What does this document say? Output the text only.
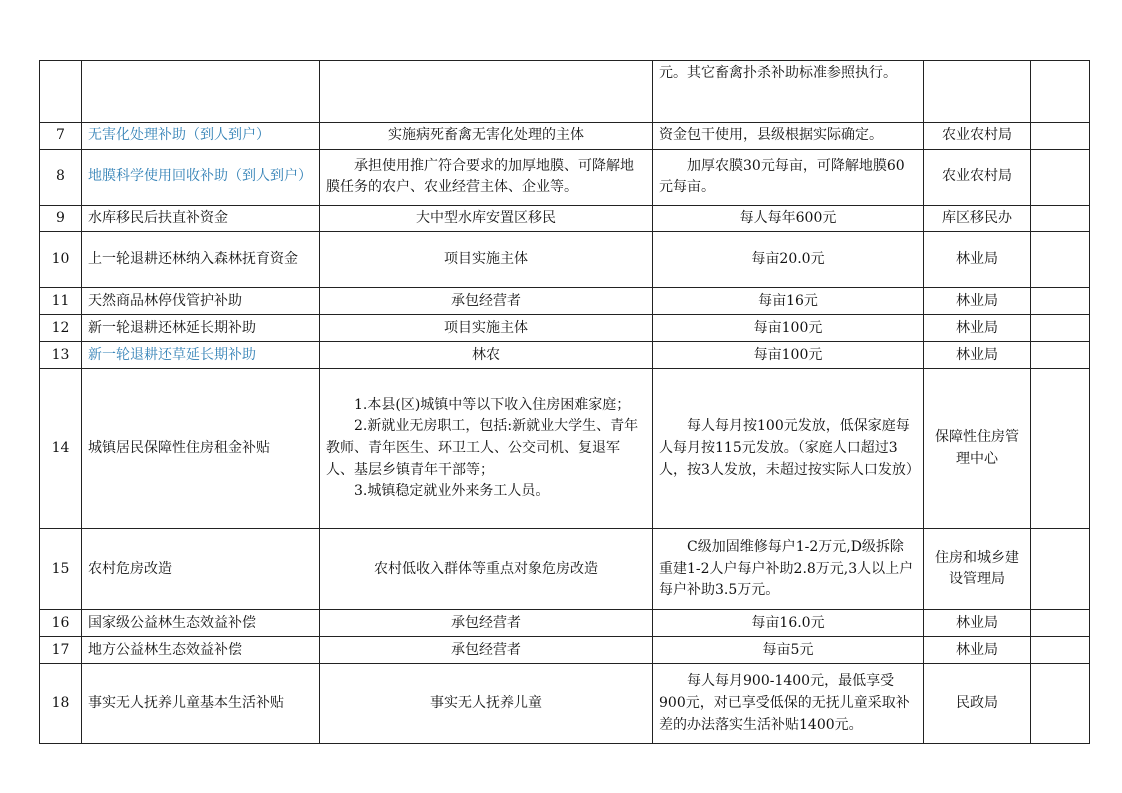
			元。其它畜禽扑杀补助标准参照执行。		
7	无害化处理补助（到人到户）	实施病死畜禽无害化处理的主体	资金包干使用，县级根据实际确定。	农业农村局	
8	地膜科学使用回收补助（到人到户）	承担使用推广符合要求的加厚地膜、可降解地膜任务的农户、农业经营主体、企业等。	加厚农膜30元每亩，可降解地膜60元每亩。	农业农村局	
9	水库移民后扶直补资金	大中型水库安置区移民	每人每年600元	库区移民办	
10	上一轮退耕还林纳入森林抚育资金	项目实施主体	每亩20.0元	林业局	
11	天然商品林停伐管护补助	承包经营者	每亩16元	林业局	
12	新一轮退耕还林延长期补助	项目实施主体	每亩100元	林业局	
13	新一轮退耕还草延长期补助	林农	每亩100元	林业局	
14	城镇居民保障性住房租金补贴	1.本县(区)城镇中等以下收入住房困难家庭；
2.新就业无房职工，包括:新就业大学生、青年教师、青年医生、环卫工人、公交司机、复退军人、基层乡镇青年干部等；
3.城镇稳定就业外来务工人员。	每人每月按100元发放，低保家庭每人每月按115元发放。（家庭人口超过3人，按3人发放，未超过按实际人口发放）	保障性住房管理中心	
15	农村危房改造	农村低收入群体等重点对象危房改造	C级加固维修每户1-2万元,D级拆除重建1-2人户每户补助2.8万元,3人以上户每户补助3.5万元。	住房和城乡建设管理局	
16	国家级公益林生态效益补偿	承包经营者	每亩16.0元	林业局	
17	地方公益林生态效益补偿	承包经营者	每亩5元	林业局	
18	事实无人抚养儿童基本生活补贴	事实无人抚养儿童	每人每月900-1400元，最低享受900元，对已享受低保的无抚儿童采取补差的办法落实生活补贴1400元。	民政局	
